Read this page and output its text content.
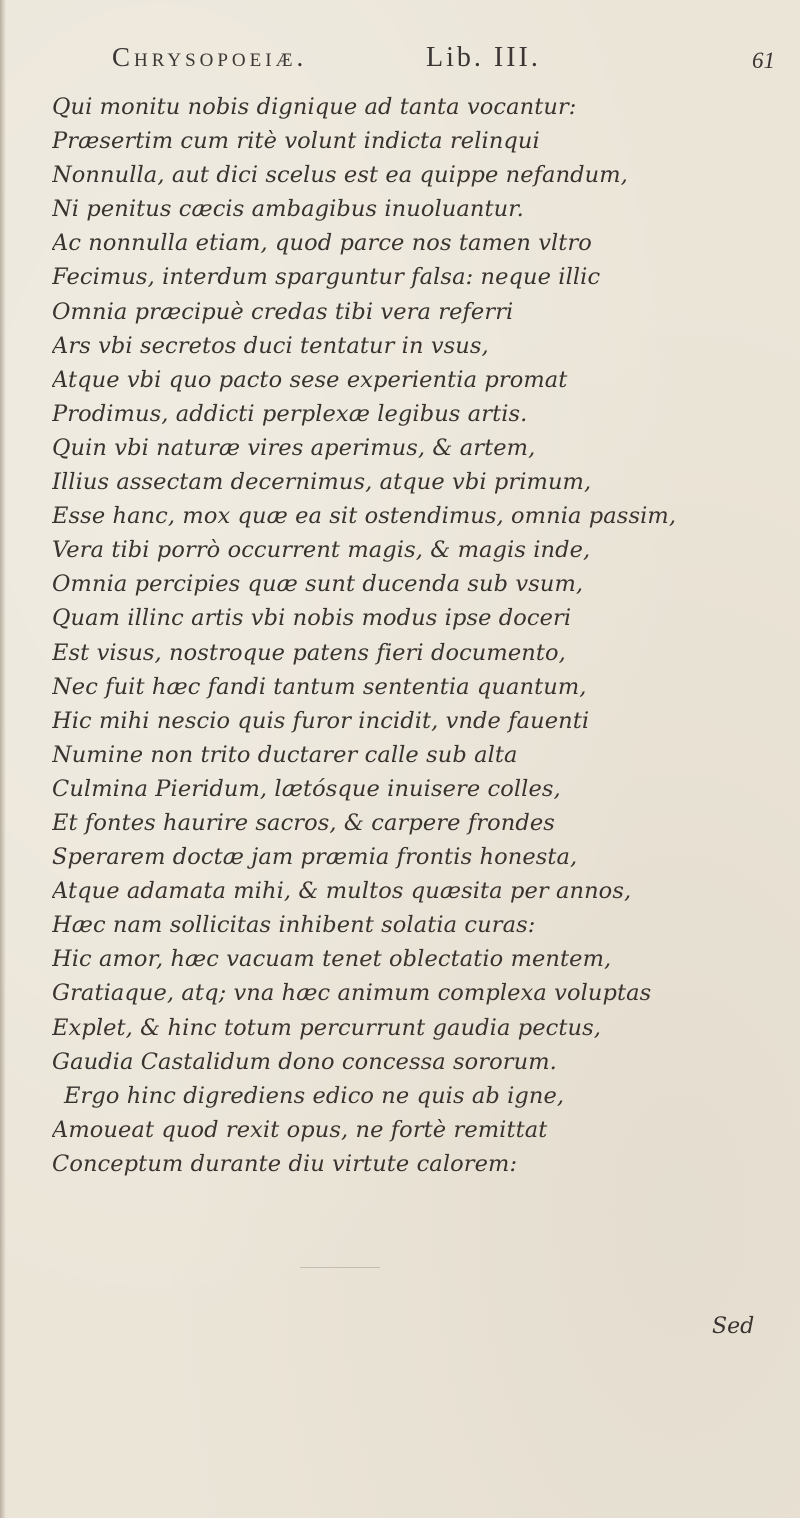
Chrysopoeiæ.	Lib. III.	61
Qui monitu nobis dignique ad tanta vocantur:
Præsertim cum ritè volunt indicta relinqui
Nonnulla, aut dici scelus est ea quippe nefandum,
Ni penitus cæcis ambagibus inuoluantur.
Ac nonnulla etiam, quod parce nos tamen vltro
Fecimus, interdum sparguntur falsa: neque illic
Omnia præcipuè credas tibi vera referri
Ars vbi secretos duci tentatur in vsus,
Atque vbi quo pacto sese experientia promat
Prodimus, addicti perplexæ legibus artis.
Quin vbi naturæ vires aperimus, & artem,
Illius assectam decernimus, atque vbi primum,
Esse hanc, mox quæ ea sit ostendimus, omnia passim,
Vera tibi porrò occurrent magis, & magis inde,
Omnia percipies quæ sunt ducenda sub vsum,
Quam illinc artis vbi nobis modus ipse doceri
Est visus, nostroque patens fieri documento,
Nec fuit hæc fandi tantum sententia quantum,
Hic mihi nescio quis furor incidit, vnde fauenti
Numine non trito ductarer calle sub alta
Culmina Pieridum, lætósque inuisere colles,
Et fontes haurire sacros, & carpere frondes
Sperarem doctæ jam præmia frontis honesta,
Atque adamata mihi, & multos quæsita per annos,
Hæc nam sollicitas inhibent solatia curas:
Hic amor, hæc vacuam tenet oblectatio mentem,
Gratiaque, atq; vna hæc animum complexa voluptas
Explet, & hinc totum percurrunt gaudia pectus,
Gaudia Castalidum dono concessa sororum.
Ergo hinc digrediens edico ne quis ab igne,
Amoueat quod rexit opus, ne fortè remittat
Conceptum durante diu virtute calorem:
Sed
